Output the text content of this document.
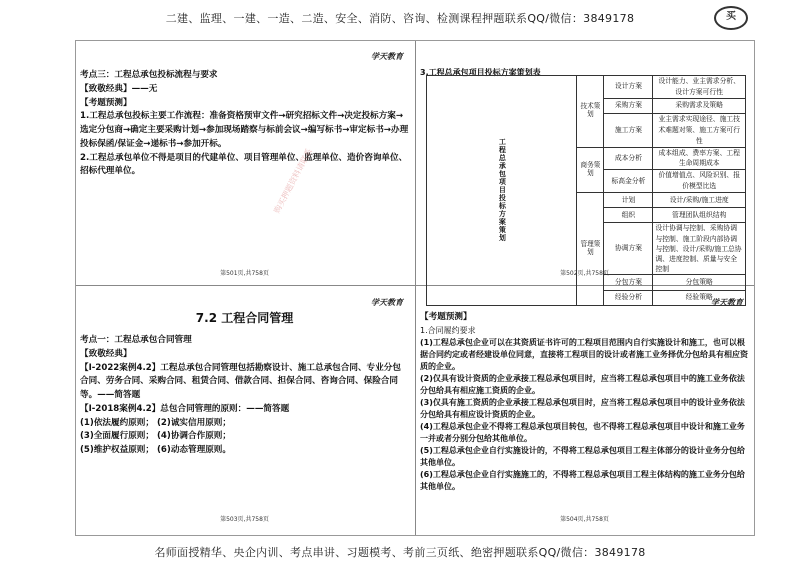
二建、监理、一建、一造、二造、安全、消防、咨询、检测课程押题联系QQ/微信：3849178	买
学天教育

考点三：工程总承包投标流程与要求

【致敬经典】——无

【考题预测】

1.工程总承包投标主要工作流程：准备资格预审文件→研究招标文件→决定投标方案→选定分包商→确定主要采购计划→参加现场踏察与标前会议→编写标书→审定标书→办理投标保函/保证金→递标书→参加开标。

2.工程总承包单位不得是项目的代建单位、项目管理单位、监理单位、造价咨询单位、招标代理单位。	购买押题资料请联系
第501页,共758页

3.工程总承包项目投标方案策划表

工程总承包项目投标方案策划	技术策划	设计方案	设计能力、业主需求分析、设计方案可行性
		采购方案	采购需求及策略
		施工方案	业主需求实现途径、施工技术难题对策、施工方案可行性
	商务策划	成本分析	成本组成、费率方案、工程生命周期成本
		标高金分析	价值增值点、风险识别、报价模型比选
	管理策划	计划	设计/采购/施工进度
		组织	管理团队组织结构
		协调方案	设计协调与控制、采购协调与控制、施工阶段内部协调与控制、设计/采购/施工总协调、进度控制、质量与安全控制
		分包方案	分包策略
		经验分析	经验策略
第502页,共758页
学天教育
7.2 工程合同管理

考点一：工程总承包合同管理

【致敬经典】

【Ⅰ-2022案例4.2】工程总承包合同管理包括勘察设计、施工总承包合同、专业分包合同、劳务合同、采购合同、租赁合同、借款合同、担保合同、咨询合同、保险合同等。——简答题

【Ⅰ-2018案例4.2】总包合同管理的原则：——简答题

(1)依法履约原则； (2)诚实信用原则；

(3)全面履行原则； (4)协调合作原则；

(5)维护权益原则； (6)动态管理原则。

第503页,共758页
学天教育

【考题预测】

1.合同履约要求

(1)工程总承包企业可以在其资质证书许可的工程项目范围内自行实施设计和施工，也可以根据合同约定或者经建设单位同意，直接将工程项目的设计或者施工业务择优分包给具有相应资质的企业。

(2)仅具有设计资质的企业承接工程总承包项目时，应当将工程总承包项目中的施工业务依法分包给具有相应施工资质的企业。

(3)仅具有施工资质的企业承接工程总承包项目时，应当将工程总承包项目中的设计业务依法分包给具有相应设计资质的企业。

(4)工程总承包企业不得将工程总承包项目转包，也不得将工程总承包项目中设计和施工业务一并或者分别分包给其他单位。

(5)工程总承包企业自行实施设计的，不得将工程总承包项目工程主体部分的设计业务分包给其他单位。

(6)工程总承包企业自行实施施工的，不得将工程总承包项目工程主体结构的施工业务分包给其他单位。

第504页,共758页
名师面授精华、央企内训、考点串讲、习题模考、考前三页纸、绝密押题联系QQ/微信：3849178
